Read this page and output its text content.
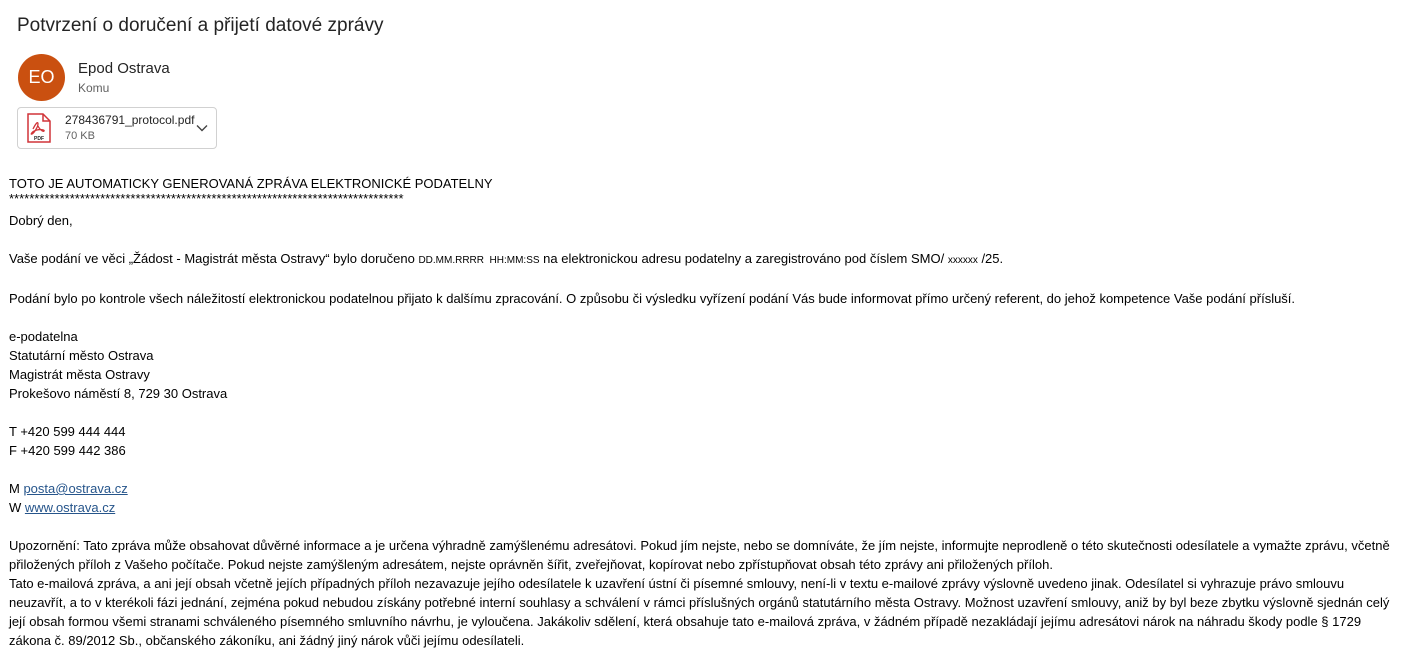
Potvrzení o doručení a přijetí datové zprávy
EO	Epod Ostrava
Komu
PDF
278436791_protocol.pdf
70 KB

TOTO JE AUTOMATICKY GENEROVANÁ ZPRÁVA ELEKTRONICKÉ PODATELNY

******************************************************************************

Dobrý den,

Vaše podání ve věci „Žádost - Magistrát města Ostravy“ bylo doručeno DD.MM.RRRR  HH:MM:SS na elektronickou adresu podatelny a zaregistrováno pod číslem SMO/ xxxxxx /25.

Podání bylo po kontrole všech náležitostí elektronickou podatelnou přijato k dalšímu zpracování. O způsobu či výsledku vyřízení podání Vás bude informovat přímo určený referent, do jehož kompetence Vaše podání přísluší.

e-podatelna

Statutární město Ostrava

Magistrát města Ostravy

Prokešovo náměstí 8, 729 30 Ostrava

T +420 599 444 444

F +420 599 442 386

M posta@ostrava.cz

W www.ostrava.cz

Upozornění: Tato zpráva může obsahovat důvěrné informace a je určena výhradně zamýšlenému adresátovi. Pokud jím nejste, nebo se domníváte, že jím nejste, informujte neprodleně o této skutečnosti odesílatele a vymažte zprávu, včetně přiložených příloh z Vašeho počítače. Pokud nejste zamýšleným adresátem, nejste oprávněn šířit, zveřejňovat, kopírovat nebo zpřístupňovat obsah této zprávy ani přiložených příloh.

Tato e-mailová zpráva, a ani její obsah včetně jejích případných příloh nezavazuje jejího odesílatele k uzavření ústní či písemné smlouvy, není-li v textu e-mailové zprávy výslovně uvedeno jinak. Odesílatel si vyhrazuje právo smlouvu neuzavřít, a to v kterékoli fázi jednání, zejména pokud nebudou získány potřebné interní souhlasy a schválení v rámci příslušných orgánů statutárního města Ostravy. Možnost uzavření smlouvy, aniž by byl beze zbytku výslovně sjednán celý její obsah formou všemi stranami schváleného písemného smluvního návrhu, je vyloučena. Jakákoliv sdělení, která obsahuje tato e-mailová zpráva, v žádném případě nezakládají jejímu adresátovi nárok na náhradu škody podle § 1729 zákona č. 89/2012 Sb., občanského zákoníku, ani žádný jiný nárok vůči jejímu odesílateli.
